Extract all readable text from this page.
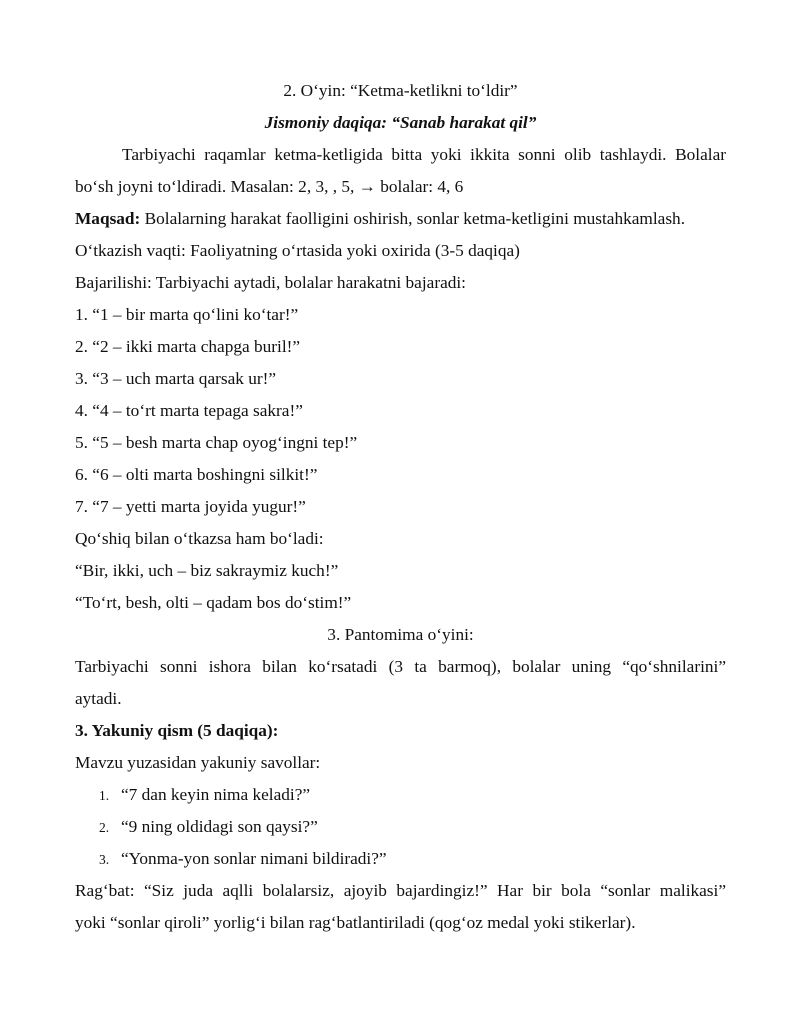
2. O‘yin: “Ketma-ketlikni to‘ldir”
Jismoniy daqiqa: “Sanab harakat qil”
Tarbiyachi raqamlar ketma-ketligida bitta yoki ikkita sonni olib tashlaydi. Bolalar
bo‘sh joyni to‘ldiradi. Masalan: 2, 3, , 5, → bolalar: 4, 6
Maqsad: Bolalarning harakat faolligini oshirish, sonlar ketma-ketligini mustahkamlash.
O‘tkazish vaqti: Faoliyatning o‘rtasida yoki oxirida (3-5 daqiqa)
Bajarilishi: Tarbiyachi aytadi, bolalar harakatni bajaradi:
1. “1 – bir marta qo‘lini ko‘tar!”
2. “2 – ikki marta chapga buril!”
3. “3 – uch marta qarsak ur!”
4. “4 – to‘rt marta tepaga sakra!”
5. “5 – besh marta chap oyog‘ingni tep!”
6. “6 – olti marta boshingni silkit!”
7. “7 – yetti marta joyida yugur!”
Qo‘shiq bilan o‘tkazsa ham bo‘ladi:
“Bir, ikki, uch – biz sakraymiz kuch!”
“To‘rt, besh, olti – qadam bos do‘stim!”
3. Pantomima o‘yini:
Tarbiyachi sonni ishora bilan ko‘rsatadi (3 ta barmoq), bolalar uning “qo‘shnilarini”
aytadi.
3. Yakuniy qism (5 daqiqa):
Mavzu yuzasidan yakuniy savollar:
1. “7 dan keyin nima keladi?”
2. “9 ning oldidagi son qaysi?”
3. “Yonma-yon sonlar nimani bildiradi?”
Rag‘bat: “Siz juda aqlli bolalarsiz, ajoyib bajardingiz!” Har bir bola “sonlar malikasi”
yoki “sonlar qiroli” yorlig‘i bilan rag‘batlantiriladi (qog‘oz medal yoki stikerlar).
